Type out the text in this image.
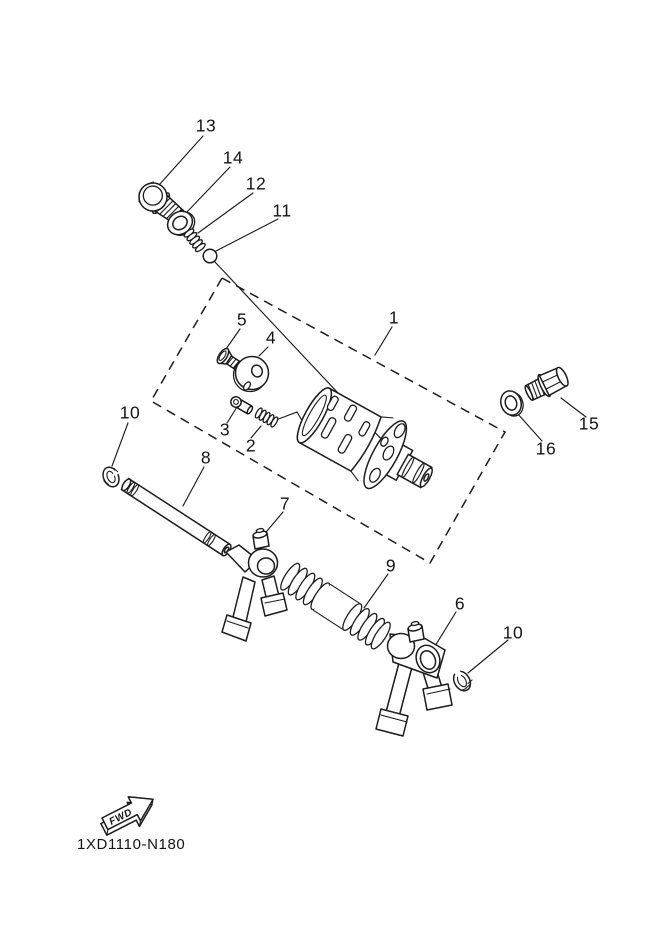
FWD
13
14
12
11
1
5
4
3
2
10
8
7
9
6
10
16
15
1XD1110-N180
